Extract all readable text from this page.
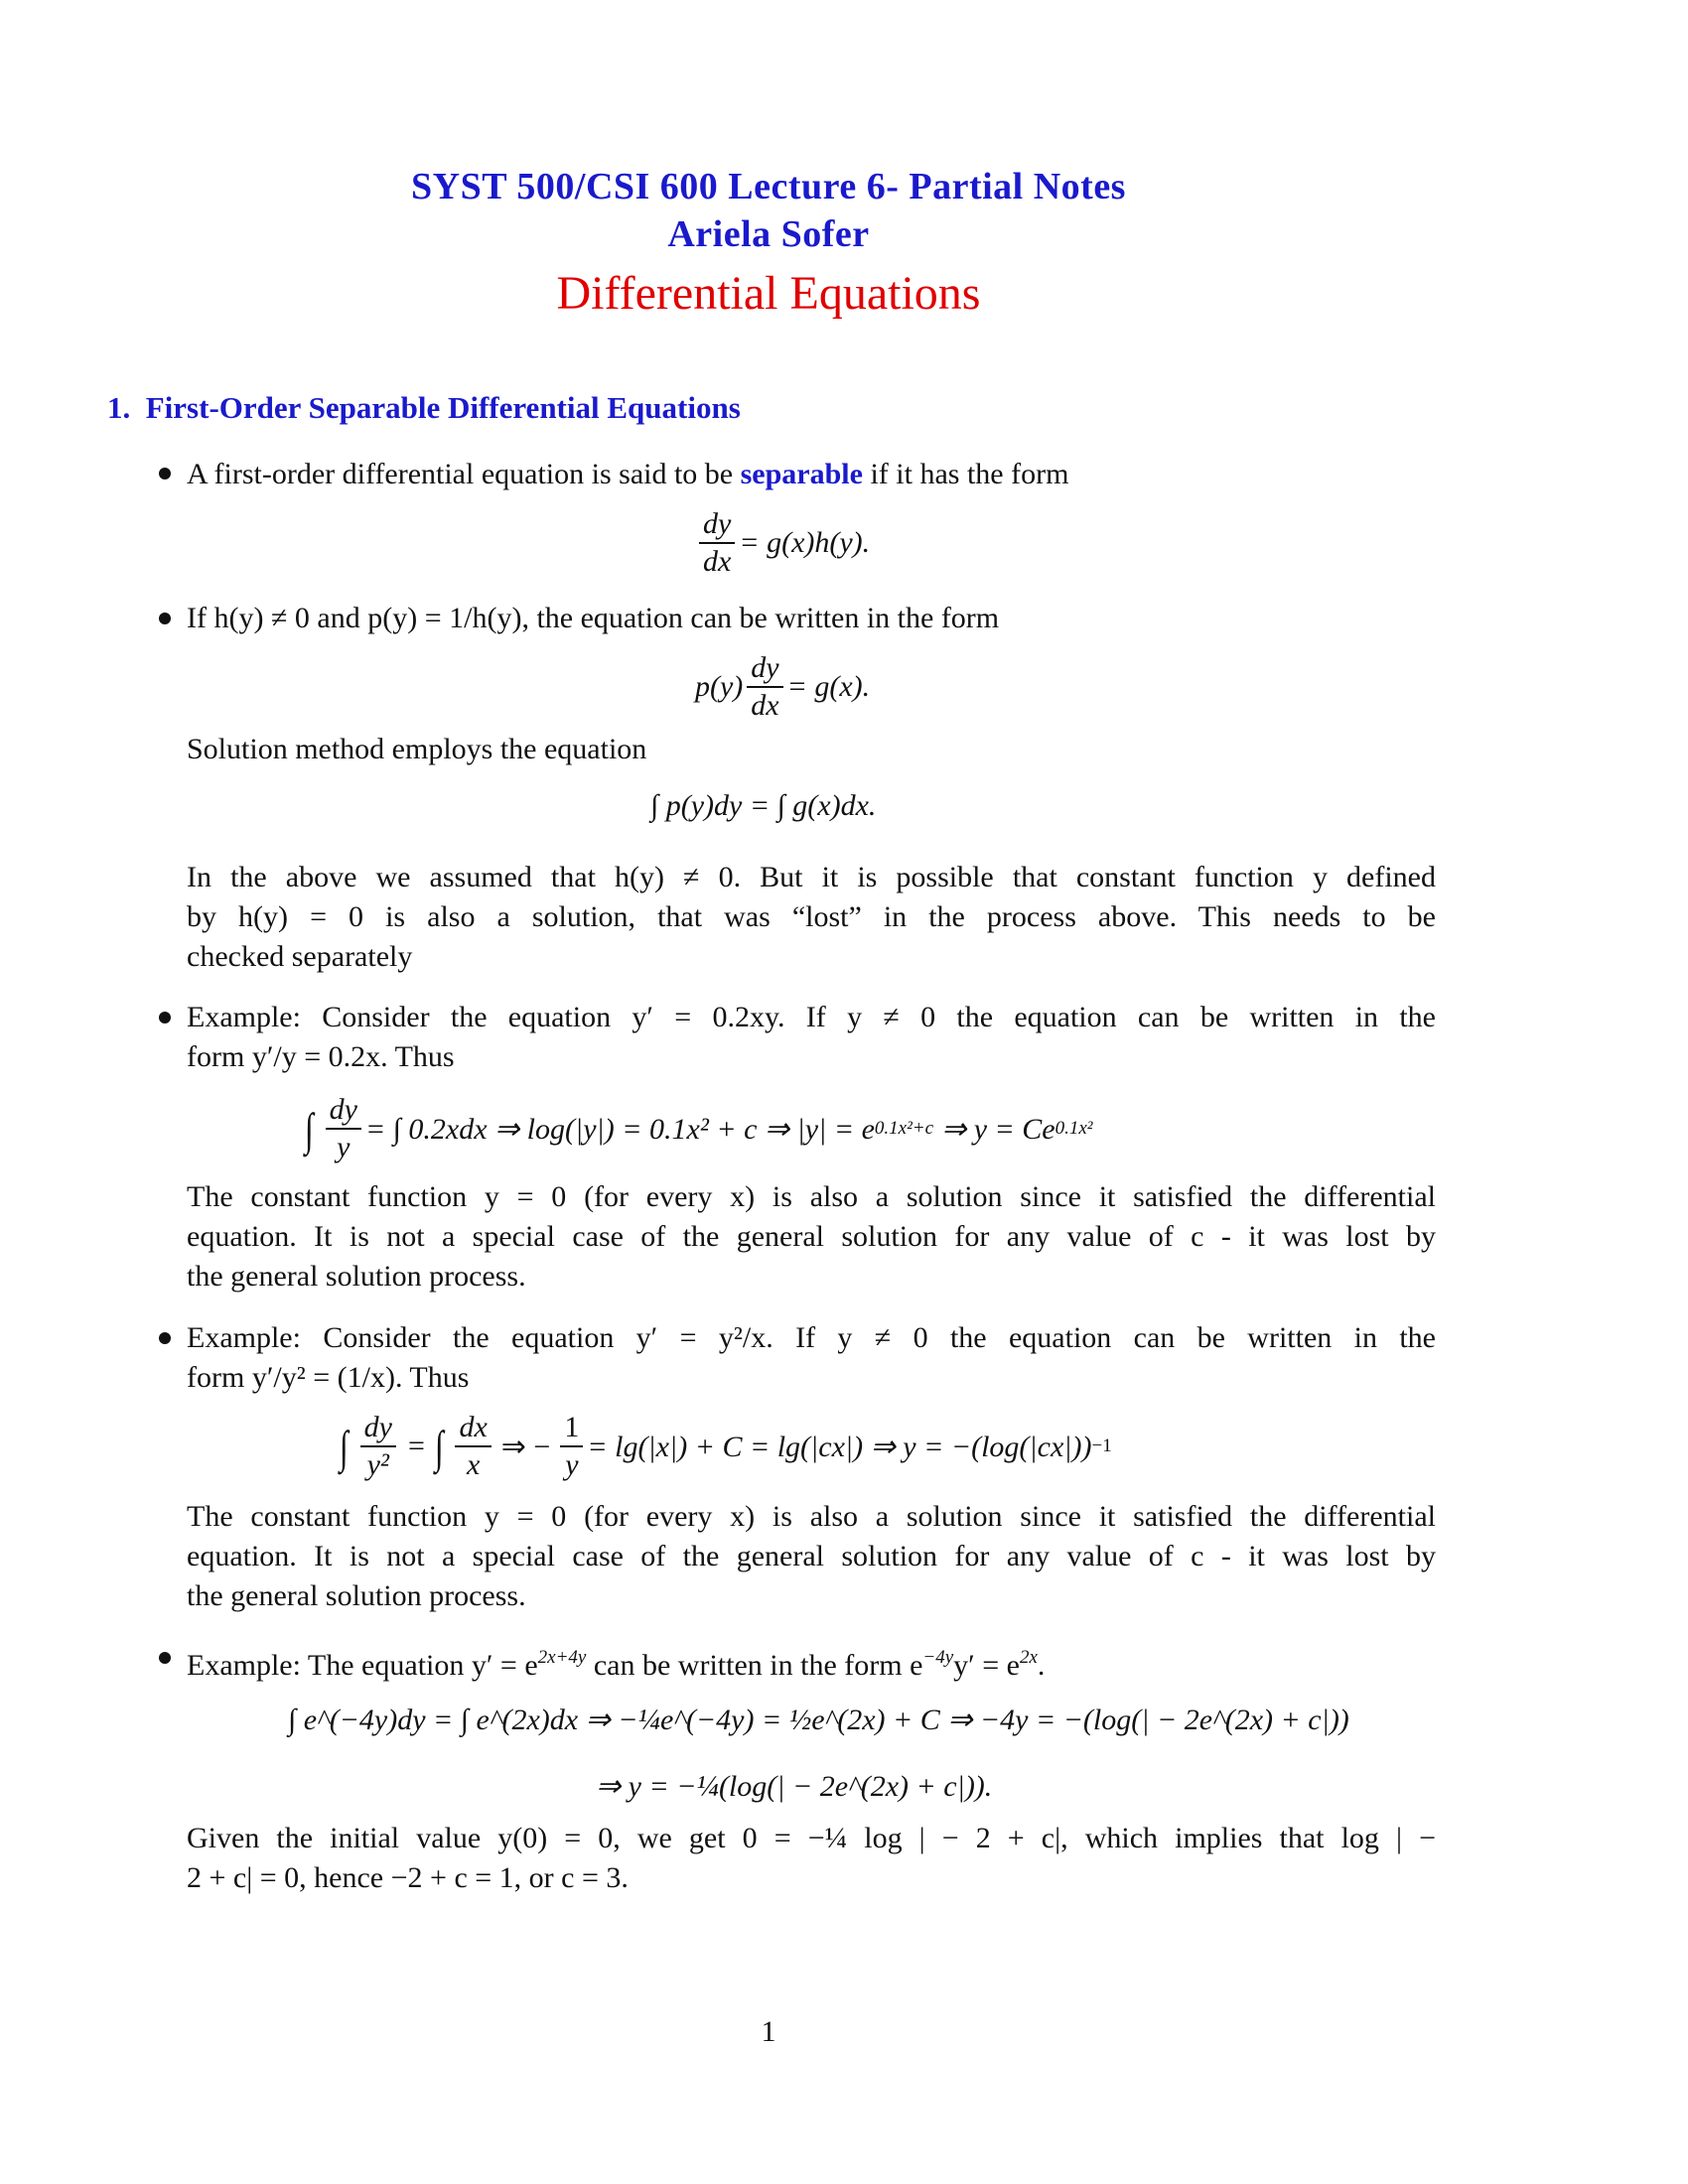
SYST 500/CSI 600 Lecture 6- Partial Notes
Ariela Sofer
Differential Equations
1. First-Order Separable Differential Equations
A first-order differential equation is said to be separable if it has the form
$\frac{dy}{dx} = g(x)h(y)$.
If h(y) ≠ 0 and p(y) = 1/h(y), the equation can be written in the form
$p(y) \frac{dy}{dx} = g(x)$.
Solution method employs the equation
∫ p(y)dy = ∫ g(x)dx.
In the above we assumed that h(y) ≠ 0. But it is possible that constant function y defined
by h(y) = 0 is also a solution, that was “lost” in the process above. This needs to be
checked separately
Example: Consider the equation y′ = 0.2xy. If y ≠ 0 the equation can be written in the
form y′/y = 0.2x. Thus
∫ $\frac{dy}{y}$ = ∫ 0.2xdx ⇒ log(|y|) = 0.1x² + c ⇒ |y| = e 0.1x²+c ⇒ y = Ce 0.1x²
The constant function y = 0 (for every x) is also a solution since it satisfied the differential
equation. It is not a special case of the general solution for any value of c - it was lost by
the general solution process.
Example: Consider the equation y′ = y²/x. If y ≠ 0 the equation can be written in the
form y′/y² = (1/x). Thus
∫ $\frac{dy}{\text{y²}}$ = ∫ $\frac{dx}{x}$ ⇒ − $\frac{1}{y} = \lg(|x|) + C = \lg(|cx|)$ ⇒ y = −(log(|cx|)) −1
The constant function y = 0 (for every x) is also a solution since it satisfied the differential
equation. It is not a special case of the general solution for any value of c - it was lost by
the general solution process.
Example: The equation $y' = e^{2x+4y}$ can be written in the form $e^{-4y}y' = e^{2x}$.
∫ e^(−4y)dy = ∫ e^(2x)dx ⇒ −¼e^(−4y) = ½e^(2x) + C ⇒ −4y = −(log(| − 2e^(2x) + c|))
⇒ y = −¼(log(| − 2e^(2x) + c|)).
Given the initial value y(0) = 0, we get 0 = −¼ log | − 2 + c|, which implies that log | −
2 + c| = 0, hence −2 + c = 1, or c = 3.
1
